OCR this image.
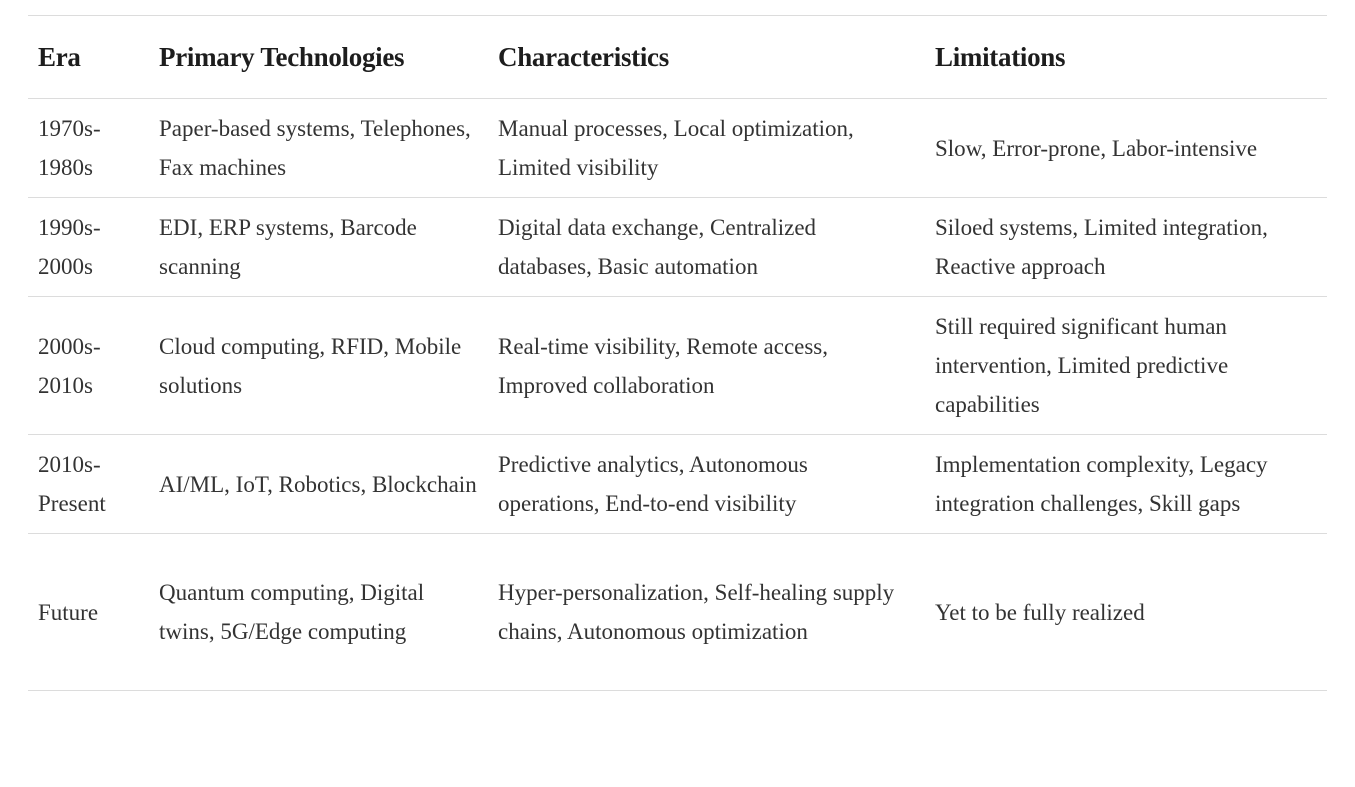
Era	Primary Technologies	Characteristics	Limitations
1970s-1980s	Paper-based systems, Telephones, Fax machines	Manual processes, Local optimization, Limited visibility	Slow, Error-prone, Labor-intensive
1990s-2000s	EDI, ERP systems, Barcode scanning	Digital data exchange, Centralized databases, Basic automation	Siloed systems, Limited integration, Reactive approach
2000s-2010s	Cloud computing, RFID, Mobile solutions	Real-time visibility, Remote access, Improved collaboration	Still required significant human intervention, Limited predictive capabilities
2010s-Present	AI/ML, IoT, Robotics, Blockchain	Predictive analytics, Autonomous operations, End-to-end visibility	Implementation complexity, Legacy integration challenges, Skill gaps
Future	Quantum computing, Digital twins, 5G/Edge computing	Hyper-personalization, Self-healing supply chains, Autonomous optimization	Yet to be fully realized
